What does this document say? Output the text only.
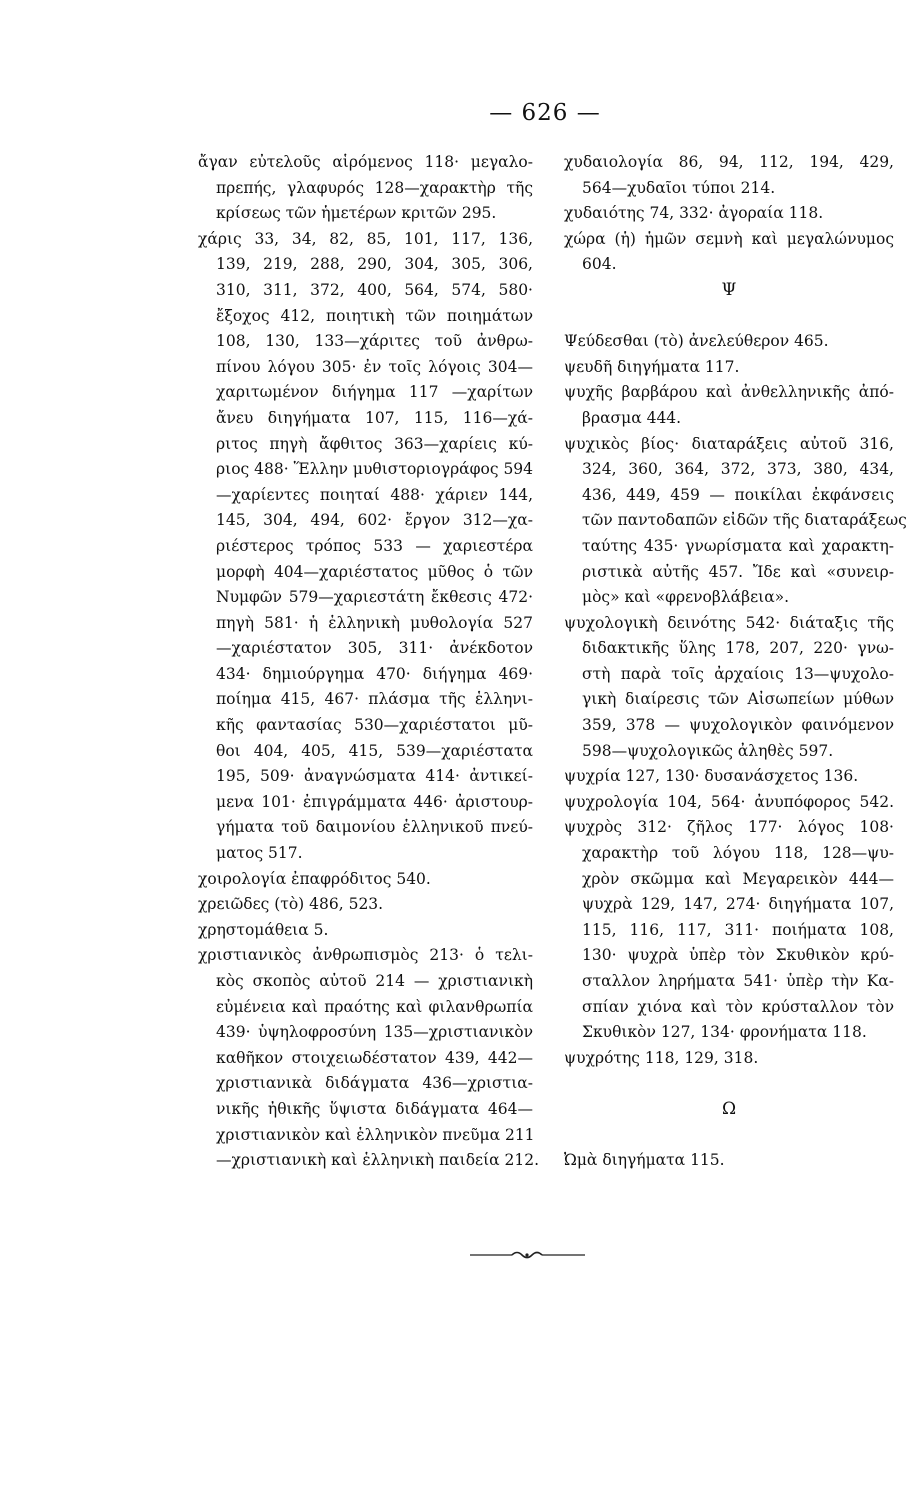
— 626 —
ἄγαν εὐτελοῦς αἱρόμενος 118· μεγαλο-
πρεπής, γλαφυρός 128—χαρακτὴρ τῆς
κρίσεως τῶν ἡμετέρων κριτῶν 295.
χάρις 33, 34, 82, 85, 101, 117, 136,
139, 219, 288, 290, 304, 305, 306,
310, 311, 372, 400, 564, 574, 580·
ἔξοχος 412, ποιητικὴ τῶν ποιημάτων
108, 130, 133—χάριτες τοῦ ἀνθρω-
πίνου λόγου 305· ἐν τοῖς λόγοις 304—
χαριτωμένον διήγημα 117 —χαρίτων
ἄνευ διηγήματα 107, 115, 116—χά-
ριτος πηγὴ ἄφθιτος 363—χαρίεις κύ-
ριος 488· Ἕλλην μυθιστοριογράφος 594
—χαρίεντες ποιηταί 488· χάριεν 144,
145, 304, 494, 602· ἔργον 312—χα-
ριέστερος τρόπος 533 — χαριεστέρα
μορφὴ 404—χαριέστατος μῦθος ὁ τῶν
Νυμφῶν 579—χαριεστάτη ἔκθεσις 472·
πηγὴ 581· ἡ ἑλληνικὴ μυθολογία 527
—χαριέστατον 305, 311· ἀνέκδοτον
434· δημιούργημα 470· διήγημα 469·
ποίημα 415, 467· πλάσμα τῆς ἑλληνι-
κῆς φαντασίας 530—χαριέστατοι μῦ-
θοι 404, 405, 415, 539—χαριέστατα
195, 509· ἀναγνώσματα 414· ἀντικεί-
μενα 101· ἐπιγράμματα 446· ἀριστουρ-
γήματα τοῦ δαιμονίου ἑλληνικοῦ πνεύ-
ματος 517.
χοιρολογία ἐπαφρόδιτος 540.
χρειῶδες (τὸ) 486, 523.
χρηστομάθεια 5.
χριστιανικὸς ἀνθρωπισμὸς 213· ὁ τελι-
κὸς σκοπὸς αὐτοῦ 214 — χριστιανικὴ
εὐμένεια καὶ πραότης καὶ φιλανθρωπία
439· ὑψηλοφροσύνη 135—χριστιανικὸν
καθῆκον στοιχειωδέστατον 439, 442—
χριστιανικὰ διδάγματα 436—χριστια-
νικῆς ἠθικῆς ὕψιστα διδάγματα 464—
χριστιανικὸν καὶ ἑλληνικὸν πνεῦμα 211
—χριστιανικὴ καὶ ἑλληνικὴ παιδεία 212.
χυδαιολογία 86, 94, 112, 194, 429,
564—χυδαῖοι τύποι 214.
χυδαιότης 74, 332· ἀγοραία 118.
χώρα (ἡ) ἡμῶν σεμνὴ καὶ μεγαλώνυμος
604.
Ψ
Ψεύδεσθαι (τὸ) ἀνελεύθερον 465.
ψευδῆ διηγήματα 117.
ψυχῆς βαρβάρου καὶ ἀνθελληνικῆς ἀπό-
βρασμα 444.
ψυχικὸς βίος· διαταράξεις αὐτοῦ 316,
324, 360, 364, 372, 373, 380, 434,
436, 449, 459 — ποικίλαι ἐκφάνσεις
τῶν παντοδαπῶν εἰδῶν τῆς διαταράξεως
ταύτης 435· γνωρίσματα καὶ χαρακτη-
ριστικὰ αὐτῆς 457. Ἴδε καὶ «συνειρ-
μὸς» καὶ «φρενοβλάβεια».
ψυχολογικὴ δεινότης 542· διάταξις τῆς
διδακτικῆς ὕλης 178, 207, 220· γνω-
στὴ παρὰ τοῖς ἀρχαίοις 13—ψυχολο-
γικὴ διαίρεσις τῶν Αἰσωπείων μύθων
359, 378 — ψυχολογικὸν φαινόμενον
598—ψυχολογικῶς ἀληθὲς 597.
ψυχρία 127, 130· δυσανάσχετος 136.
ψυχρολογία 104, 564· ἀνυπόφορος 542.
ψυχρὸς 312· ζῆλος 177· λόγος 108·
χαρακτὴρ τοῦ λόγου 118, 128—ψυ-
χρὸν σκῶμμα καὶ Μεγαρεικὸν 444—
ψυχρὰ 129, 147, 274· διηγήματα 107,
115, 116, 117, 311· ποιήματα 108,
130· ψυχρὰ ὑπὲρ τὸν Σκυθικὸν κρύ-
σταλλον ληρήματα 541· ὑπὲρ τὴν Κα-
σπίαν χιόνα καὶ τὸν κρύσταλλον τὸν
Σκυθικὸν 127, 134· φρονήματα 118.
ψυχρότης 118, 129, 318.
Ω
Ὠμὰ διηγήματα 115.
